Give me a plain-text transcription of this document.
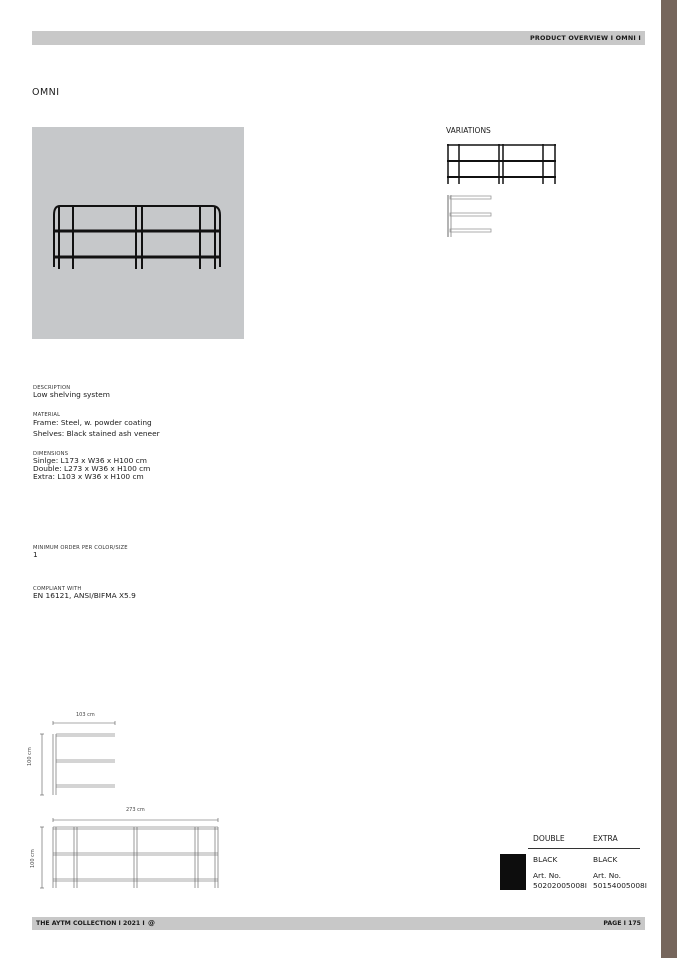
PRODUCT OVERVIEW I OMNI I
OMNI
VARIATIONS
DESCRIPTION
Low shelving system
MATERIAL
Frame: Steel, w. powder coating
Shelves: Black stained ash veneer
DIMENSIONS
Sinlge: L173 x W36 x H100 cm
Double: L273 x W36 x H100 cm
Extra: L103 x W36 x H100 cm
MINIMUM ORDER PER COLOR/SIZE
1
COMPLIANT WITH
EN 16121, ANSI/BIFMA X5.9
103 cm
100 cm
273 cm
100 cm
DOUBLE	EXTRA
BLACK	BLACK
Art. No.	Art. No.
50202005008I 50154005008I
THE AYTM COLLECTION I 2021 I @	PAGE I 175
